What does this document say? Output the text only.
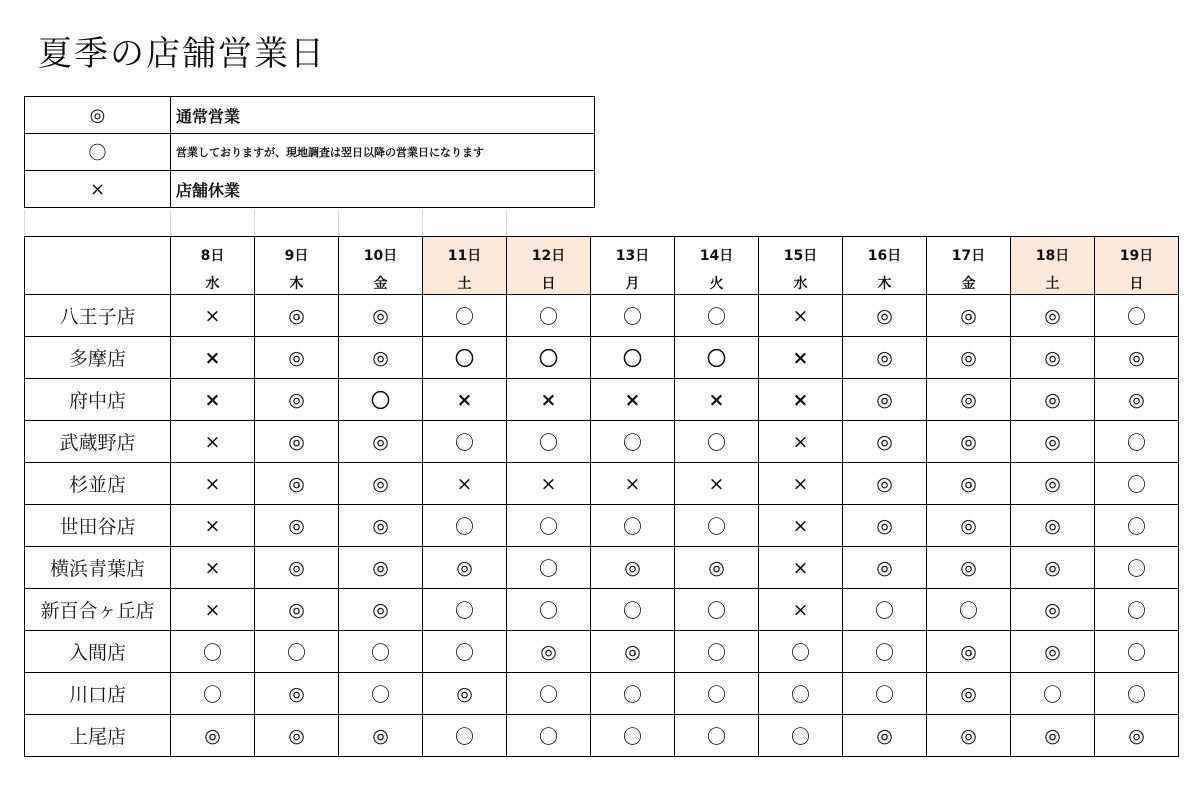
夏季の店舗営業日
◎	通常営業
〇	営業しておりますが、現地調査は翌日以降の営業日になります
×	店舗休業
	8日	9日	10日	11日	12日	13日	14日	15日	16日	17日	18日	19日
	水	木	金	土	日	月	火	水	木	金	土	日
八王子店	×	◎	◎	〇	〇	〇	〇	×	◎	◎	◎	〇
多摩店	×	◎	◎	〇	〇	〇	〇	×	◎	◎	◎	◎
府中店	×	◎	〇	×	×	×	×	×	◎	◎	◎	◎
武蔵野店	×	◎	◎	〇	〇	〇	〇	×	◎	◎	◎	〇
杉並店	×	◎	◎	×	×	×	×	×	◎	◎	◎	〇
世田谷店	×	◎	◎	〇	〇	〇	〇	×	◎	◎	◎	〇
横浜青葉店	×	◎	◎	◎	〇	◎	◎	×	◎	◎	◎	〇
新百合ヶ丘店	×	◎	◎	〇	〇	〇	〇	×	〇	〇	◎	〇
入間店	〇	〇	〇	〇	◎	◎	〇	〇	〇	◎	◎	〇
川口店	〇	◎	〇	◎	〇	〇	〇	〇	〇	◎	〇	〇
上尾店	◎	◎	◎	〇	〇	〇	〇	〇	◎	◎	◎	◎
